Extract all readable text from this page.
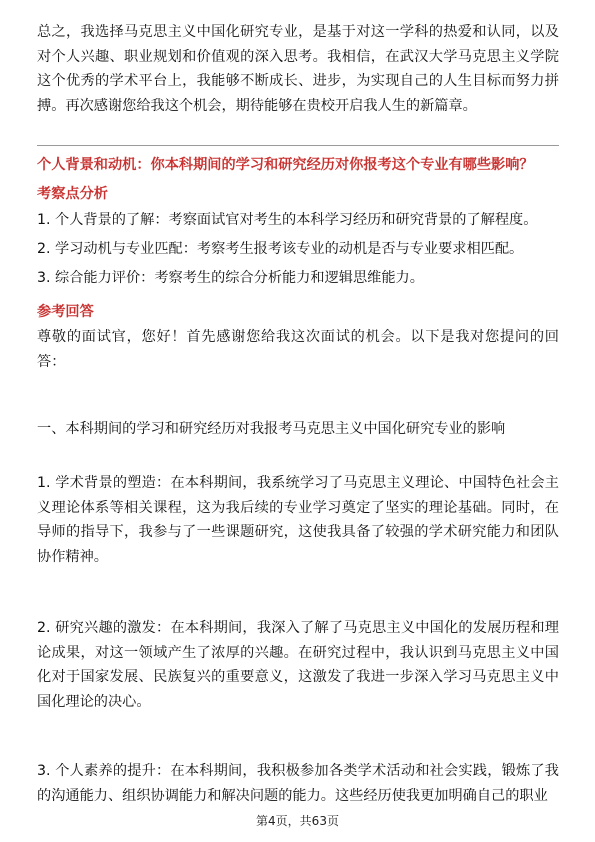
总之，我选择马克思主义中国化研究专业，是基于对这一学科的热爱和认同，以及对个人兴趣、职业规划和价值观的深入思考。我相信，在武汉大学马克思主义学院这个优秀的学术平台上，我能够不断成长、进步，为实现自己的人生目标而努力拼搏。再次感谢您给我这个机会，期待能够在贵校开启我人生的新篇章。

个人背景和动机：你本科期间的学习和研究经历对你报考这个专业有哪些影响？

考察点分析

1. 个人背景的了解：考察面试官对考生的本科学习经历和研究背景的了解程度。

2. 学习动机与专业匹配：考察考生报考该专业的动机是否与专业要求相匹配。

3. 综合能力评价：考察考生的综合分析能力和逻辑思维能力。

参考回答

尊敬的面试官，您好！首先感谢您给我这次面试的机会。以下是我对您提问的回答：

一、本科期间的学习和研究经历对我报考马克思主义中国化研究专业的影响

1. 学术背景的塑造：在本科期间，我系统学习了马克思主义理论、中国特色社会主义理论体系等相关课程，这为我后续的专业学习奠定了坚实的理论基础。同时，在导师的指导下，我参与了一些课题研究，这使我具备了较强的学术研究能力和团队协作精神。

2. 研究兴趣的激发：在本科期间，我深入了解了马克思主义中国化的发展历程和理论成果，对这一领域产生了浓厚的兴趣。在研究过程中，我认识到马克思主义中国化对于国家发展、民族复兴的重要意义，这激发了我进一步深入学习马克思主义中国化理论的决心。

3. 个人素养的提升：在本科期间，我积极参加各类学术活动和社会实践，锻炼了我的沟通能力、组织协调能力和解决问题的能力。这些经历使我更加明确自己的职业

第4页，共63页
